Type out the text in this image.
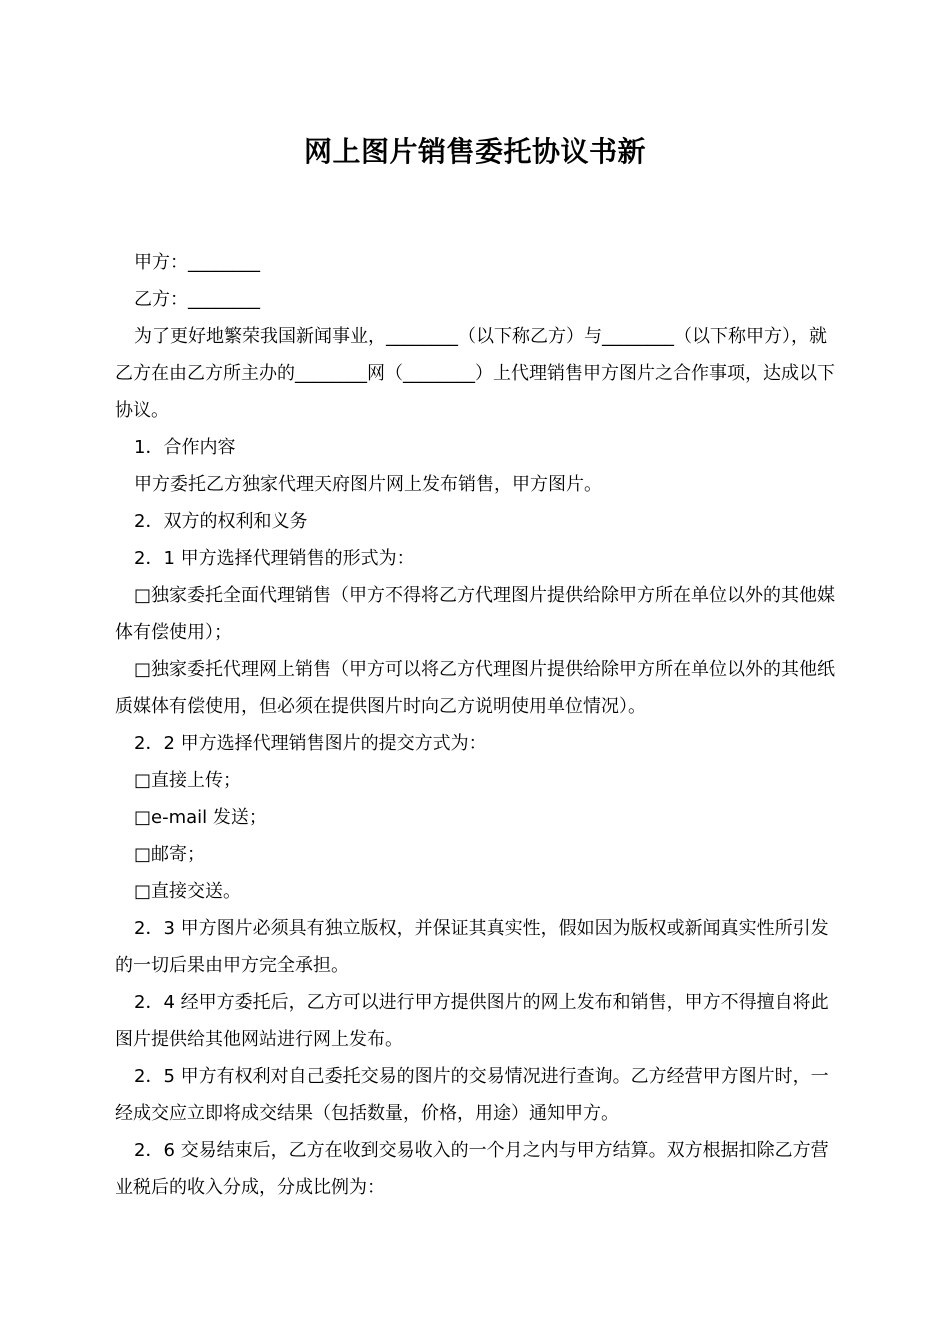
网上图片销售委托协议书新

甲方：________

乙方：________

为了更好地繁荣我国新闻事业，________（以下称乙方）与________（以下称甲方），就乙方在由乙方所主办的________网（________）上代理销售甲方图片之合作事项，达成以下协议。

1．合作内容

甲方委托乙方独家代理天府图片网上发布销售，甲方图片。

2．双方的权利和义务

2．1 甲方选择代理销售的形式为：

□独家委托全面代理销售（甲方不得将乙方代理图片提供给除甲方所在单位以外的其他媒体有偿使用）；

□独家委托代理网上销售（甲方可以将乙方代理图片提供给除甲方所在单位以外的其他纸质媒体有偿使用，但必须在提供图片时向乙方说明使用单位情况）。

2．2 甲方选择代理销售图片的提交方式为：

□直接上传；

□e-mail 发送；

□邮寄；

□直接交送。

2．3 甲方图片必须具有独立版权，并保证其真实性，假如因为版权或新闻真实性所引发的一切后果由甲方完全承担。

2．4 经甲方委托后，乙方可以进行甲方提供图片的网上发布和销售，甲方不得擅自将此图片提供给其他网站进行网上发布。

2．5 甲方有权利对自己委托交易的图片的交易情况进行查询。乙方经营甲方图片时，一经成交应立即将成交结果（包括数量，价格，用途）通知甲方。

2．6 交易结束后，乙方在收到交易收入的一个月之内与甲方结算。双方根据扣除乙方营业税后的收入分成，分成比例为：
